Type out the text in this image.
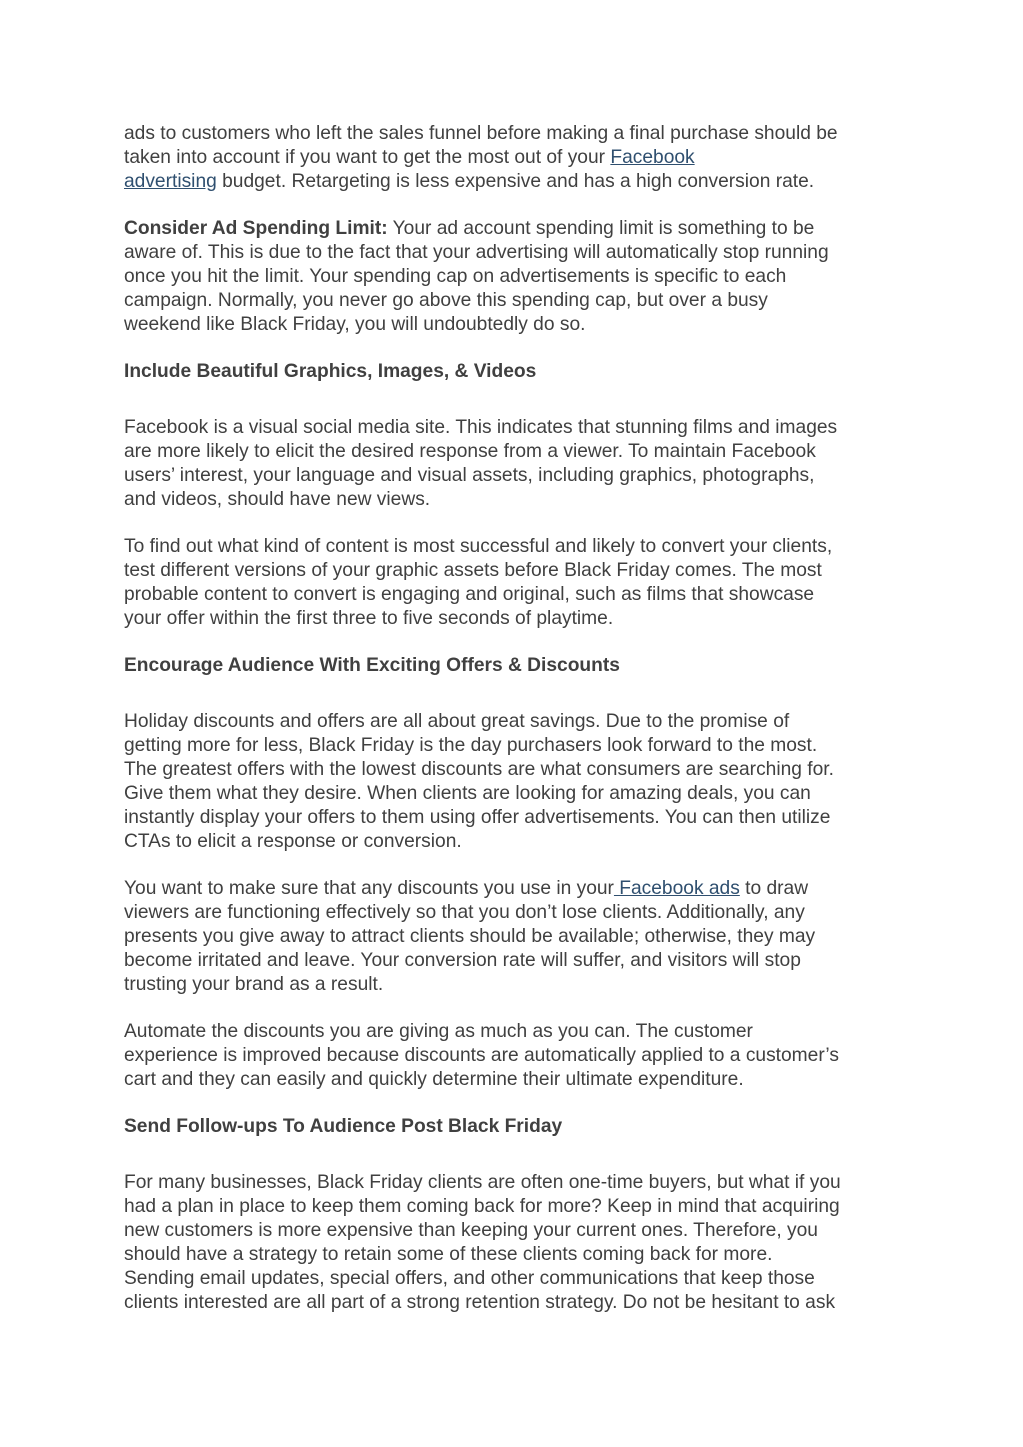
ads to customers who left the sales funnel before making a final purchase should be
taken into account if you want to get the most out of your Facebook
advertising budget. Retargeting is less expensive and has a high conversion rate.

Consider Ad Spending Limit: Your ad account spending limit is something to be
aware of. This is due to the fact that your advertising will automatically stop running
once you hit the limit. Your spending cap on advertisements is specific to each
campaign. Normally, you never go above this spending cap, but over a busy
weekend like Black Friday, you will undoubtedly do so.

Include Beautiful Graphics, Images, & Videos

Facebook is a visual social media site. This indicates that stunning films and images
are more likely to elicit the desired response from a viewer. To maintain Facebook
users’ interest, your language and visual assets, including graphics, photographs,
and videos, should have new views.

To find out what kind of content is most successful and likely to convert your clients,
test different versions of your graphic assets before Black Friday comes. The most
probable content to convert is engaging and original, such as films that showcase
your offer within the first three to five seconds of playtime.

Encourage Audience With Exciting Offers & Discounts

Holiday discounts and offers are all about great savings. Due to the promise of
getting more for less, Black Friday is the day purchasers look forward to the most.
The greatest offers with the lowest discounts are what consumers are searching for.
Give them what they desire. When clients are looking for amazing deals, you can
instantly display your offers to them using offer advertisements. You can then utilize
CTAs to elicit a response or conversion.

You want to make sure that any discounts you use in your Facebook ads to draw
viewers are functioning effectively so that you don’t lose clients. Additionally, any
presents you give away to attract clients should be available; otherwise, they may
become irritated and leave. Your conversion rate will suffer, and visitors will stop
trusting your brand as a result.

Automate the discounts you are giving as much as you can. The customer
experience is improved because discounts are automatically applied to a customer’s
cart and they can easily and quickly determine their ultimate expenditure.

Send Follow-ups To Audience Post Black Friday

For many businesses, Black Friday clients are often one-time buyers, but what if you
had a plan in place to keep them coming back for more? Keep in mind that acquiring
new customers is more expensive than keeping your current ones. Therefore, you
should have a strategy to retain some of these clients coming back for more.
Sending email updates, special offers, and other communications that keep those
clients interested are all part of a strong retention strategy. Do not be hesitant to ask
